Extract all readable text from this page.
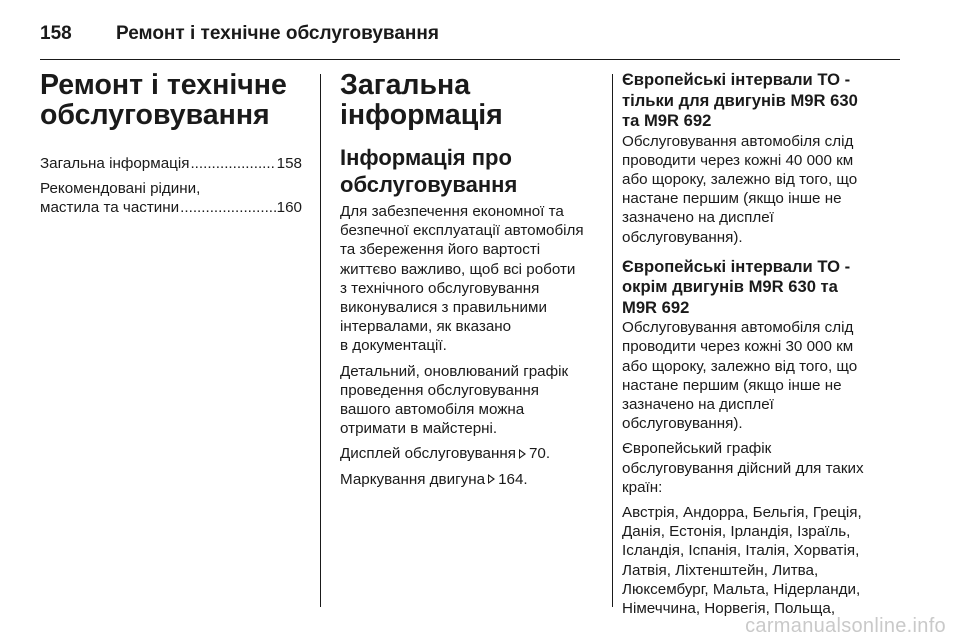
158 Ремонт і технічне обслуговування
Ремонт і технічне
обслуговування
Загальна інформація .....	158
Рекомендовані рідини,
мастила та частини .....	160
Загальна інформація
Інформація про
обслуговування

Для забезпечення економної та
безпечної експлуатації автомобіля
та збереження його вартості
життєво важливо, щоб всі роботи
з технічного обслуговування
виконувалися з правильними
інтервалами, як вказано
в документації.

Детальний, оновлюваний графік
проведення обслуговування
вашого автомобіля можна
отримати в майстерні.

Дисплей обслуговування 70.

Маркування двигуна 164.

Європейські інтервали ТО -
тільки для двигунів M9R 630
та M9R 692

Обслуговування автомобіля слід
проводити через кожні 40 000 км
або щороку, залежно від того, що
настане першим (якщо інше не
зазначено на дисплеї
обслуговування).

Європейські інтервали ТО -
окрім двигунів M9R 630 та
M9R 692

Обслуговування автомобіля слід
проводити через кожні 30 000 км
або щороку, залежно від того, що
настане першим (якщо інше не
зазначено на дисплеї
обслуговування).

Європейський графік
обслуговування дійсний для таких
країн:

Австрія, Андорра, Бельгія, Греція,
Данія, Естонія, Ірландія, Ізраїль,
Ісландія, Іспанія, Італія, Хорватія,
Латвія, Ліхтенштейн, Литва,
Люксембург, Мальта, Нідерланди,
Німеччина, Норвегія, Польща,

carmanualsonline.info
